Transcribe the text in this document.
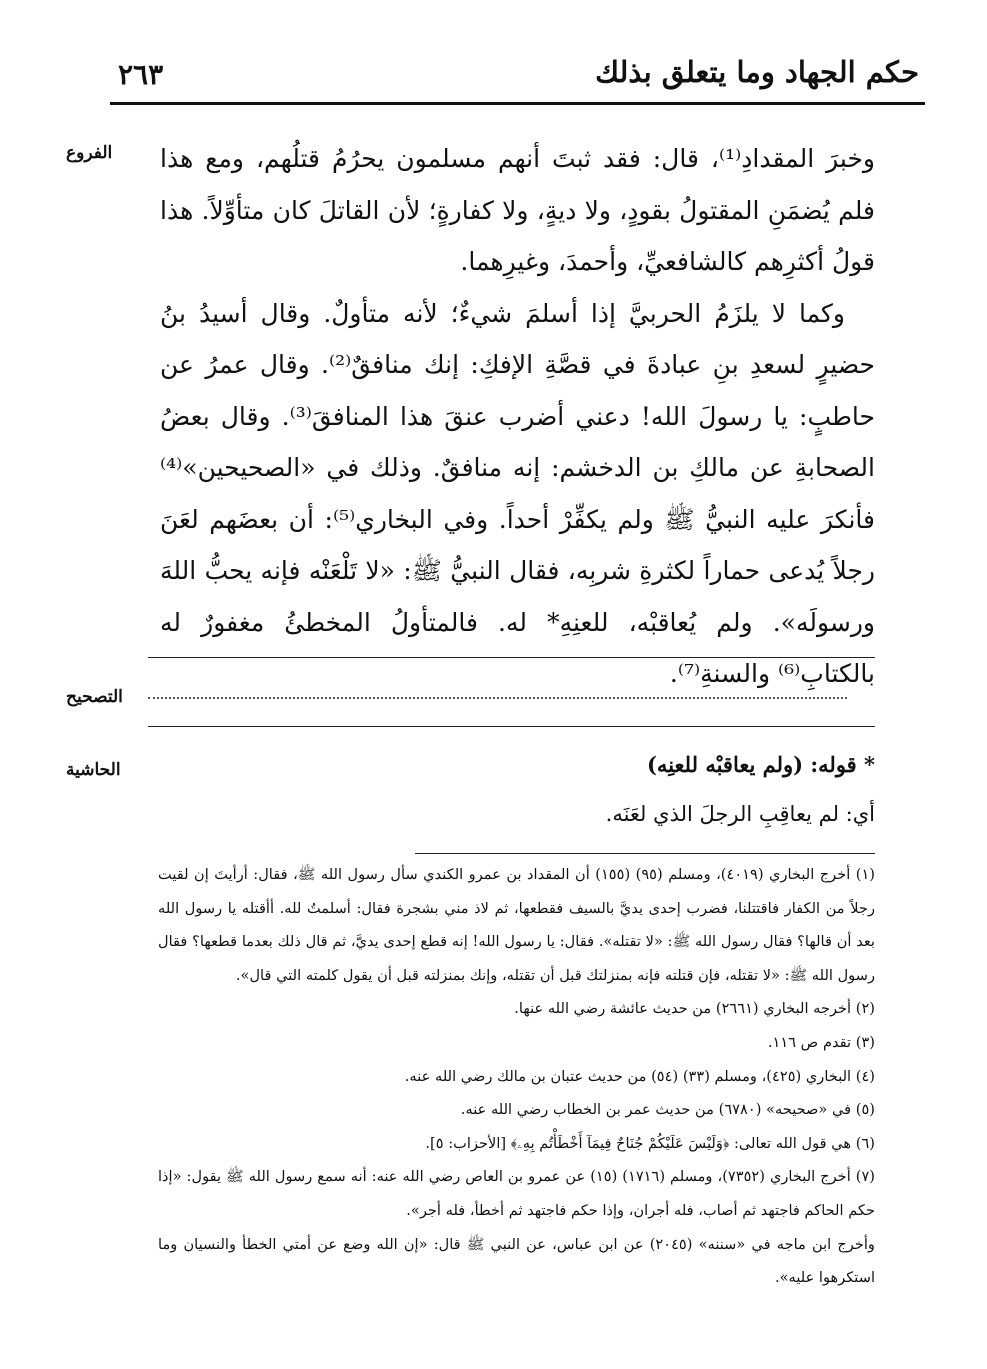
حكم الجهاد وما يتعلق بذلك
٢٦٣
الفروع
التصحيح
الحاشية

وخبرَ المقدادِ⁽¹⁾، قال: فقد ثبتَ أنهم مسلمون يحرُمُ قتلُهم، ومع هذا فلم يُضمَنِ المقتولُ بقودٍ، ولا ديةٍ، ولا كفارةٍ؛ لأن القاتلَ كان متأوِّلاً. هذا قولُ أكثرِهم كالشافعيِّ، وأحمدَ، وغيرِهما.

وكما لا يلزَمُ الحربيَّ إذا أسلمَ شيءٌ؛ لأنه متأولٌ. وقال أسيدُ بنُ حضيرٍ لسعدِ بنِ عبادةَ في قصَّةِ الإفكِ: إنك منافقٌ⁽²⁾. وقال عمرُ عن حاطبٍ: يا رسولَ الله! دعني أضرب عنقَ هذا المنافقَ⁽³⁾. وقال بعضُ الصحابةِ عن مالكِ بن الدخشم: إنه منافقٌ. وذلك في «الصحيحين»⁽⁴⁾ فأنكرَ عليه النبيُّ ﷺ ولم يكفِّرْ أحداً. وفي البخاري⁽⁵⁾: أن بعضَهم لعَنَ رجلاً يُدعى حماراً لكثرةِ شربِه، فقال النبيُّ ﷺ: «لا تَلْعَنْه فإنه يحبُّ اللهَ ورسولَه». ولم يُعاقبْه، للعنِهِ* له. فالمتأولُ المخطئُ مغفورٌ له بالكتابِ⁽⁶⁾ والسنةِ⁽⁷⁾.

* قوله: (ولم يعاقبْه للعنِه)
أي: لم يعاقِبِ الرجلَ الذي لعَنَه.

(١) أخرج البخاري (٤٠١٩)، ومسلم (٩٥) (١٥٥) أن المقداد بن عمرو الكندي سأل رسول الله ﷺ، فقال: أرأيتَ إن لقيت رجلاً من الكفار فاقتتلنا، فضرب إحدى يديَّ بالسيف فقطعها، ثم لاذ مني بشجرة فقال: أسلمتُ لله. أأقتله يا رسول الله بعد أن قالها؟ فقال رسول الله ﷺ: «لا تقتله». فقال: يا رسول الله! إنه قطع إحدى يديَّ، ثم قال ذلك بعدما قطعها؟ فقال رسول الله ﷺ: «لا تقتله، فإن قتلته فإنه بمنزلتك قبل أن تقتله، وإنك بمنزلته قبل أن يقول كلمته التي قال».

(٢) أخرجه البخاري (٢٦٦١) من حديث عائشة رضي الله عنها.

(٣) تقدم ص ١١٦.

(٤) البخاري (٤٢٥)، ومسلم (٣٣) (٥٤) من حديث عتبان بن مالك رضي الله عنه.

(٥) في «صحيحه» (٦٧٨٠) من حديث عمر بن الخطاب رضي الله عنه.

(٦) هي قول الله تعالى: ﴿وَلَيْسَ عَلَيْكُمْ جُنَاحٌ فِيمَآ أَخْطَأْتُم بِهِۦ﴾ [الأحزاب: ٥].

(٧) أخرج البخاري (٧٣٥٢)، ومسلم (١٧١٦) (١٥) عن عمرو بن العاص رضي الله عنه: أنه سمع رسول الله ﷺ يقول: «إذا حكم الحاكم فاجتهد ثم أصاب، فله أجران، وإذا حكم فاجتهد ثم أخطأ، فله أجر».

وأخرج ابن ماجه في «سننه» (٢٠٤٥) عن ابن عباس، عن النبي ﷺ قال: «إن الله وضع عن أمتي الخطأ والنسيان وما استكرهوا عليه».
